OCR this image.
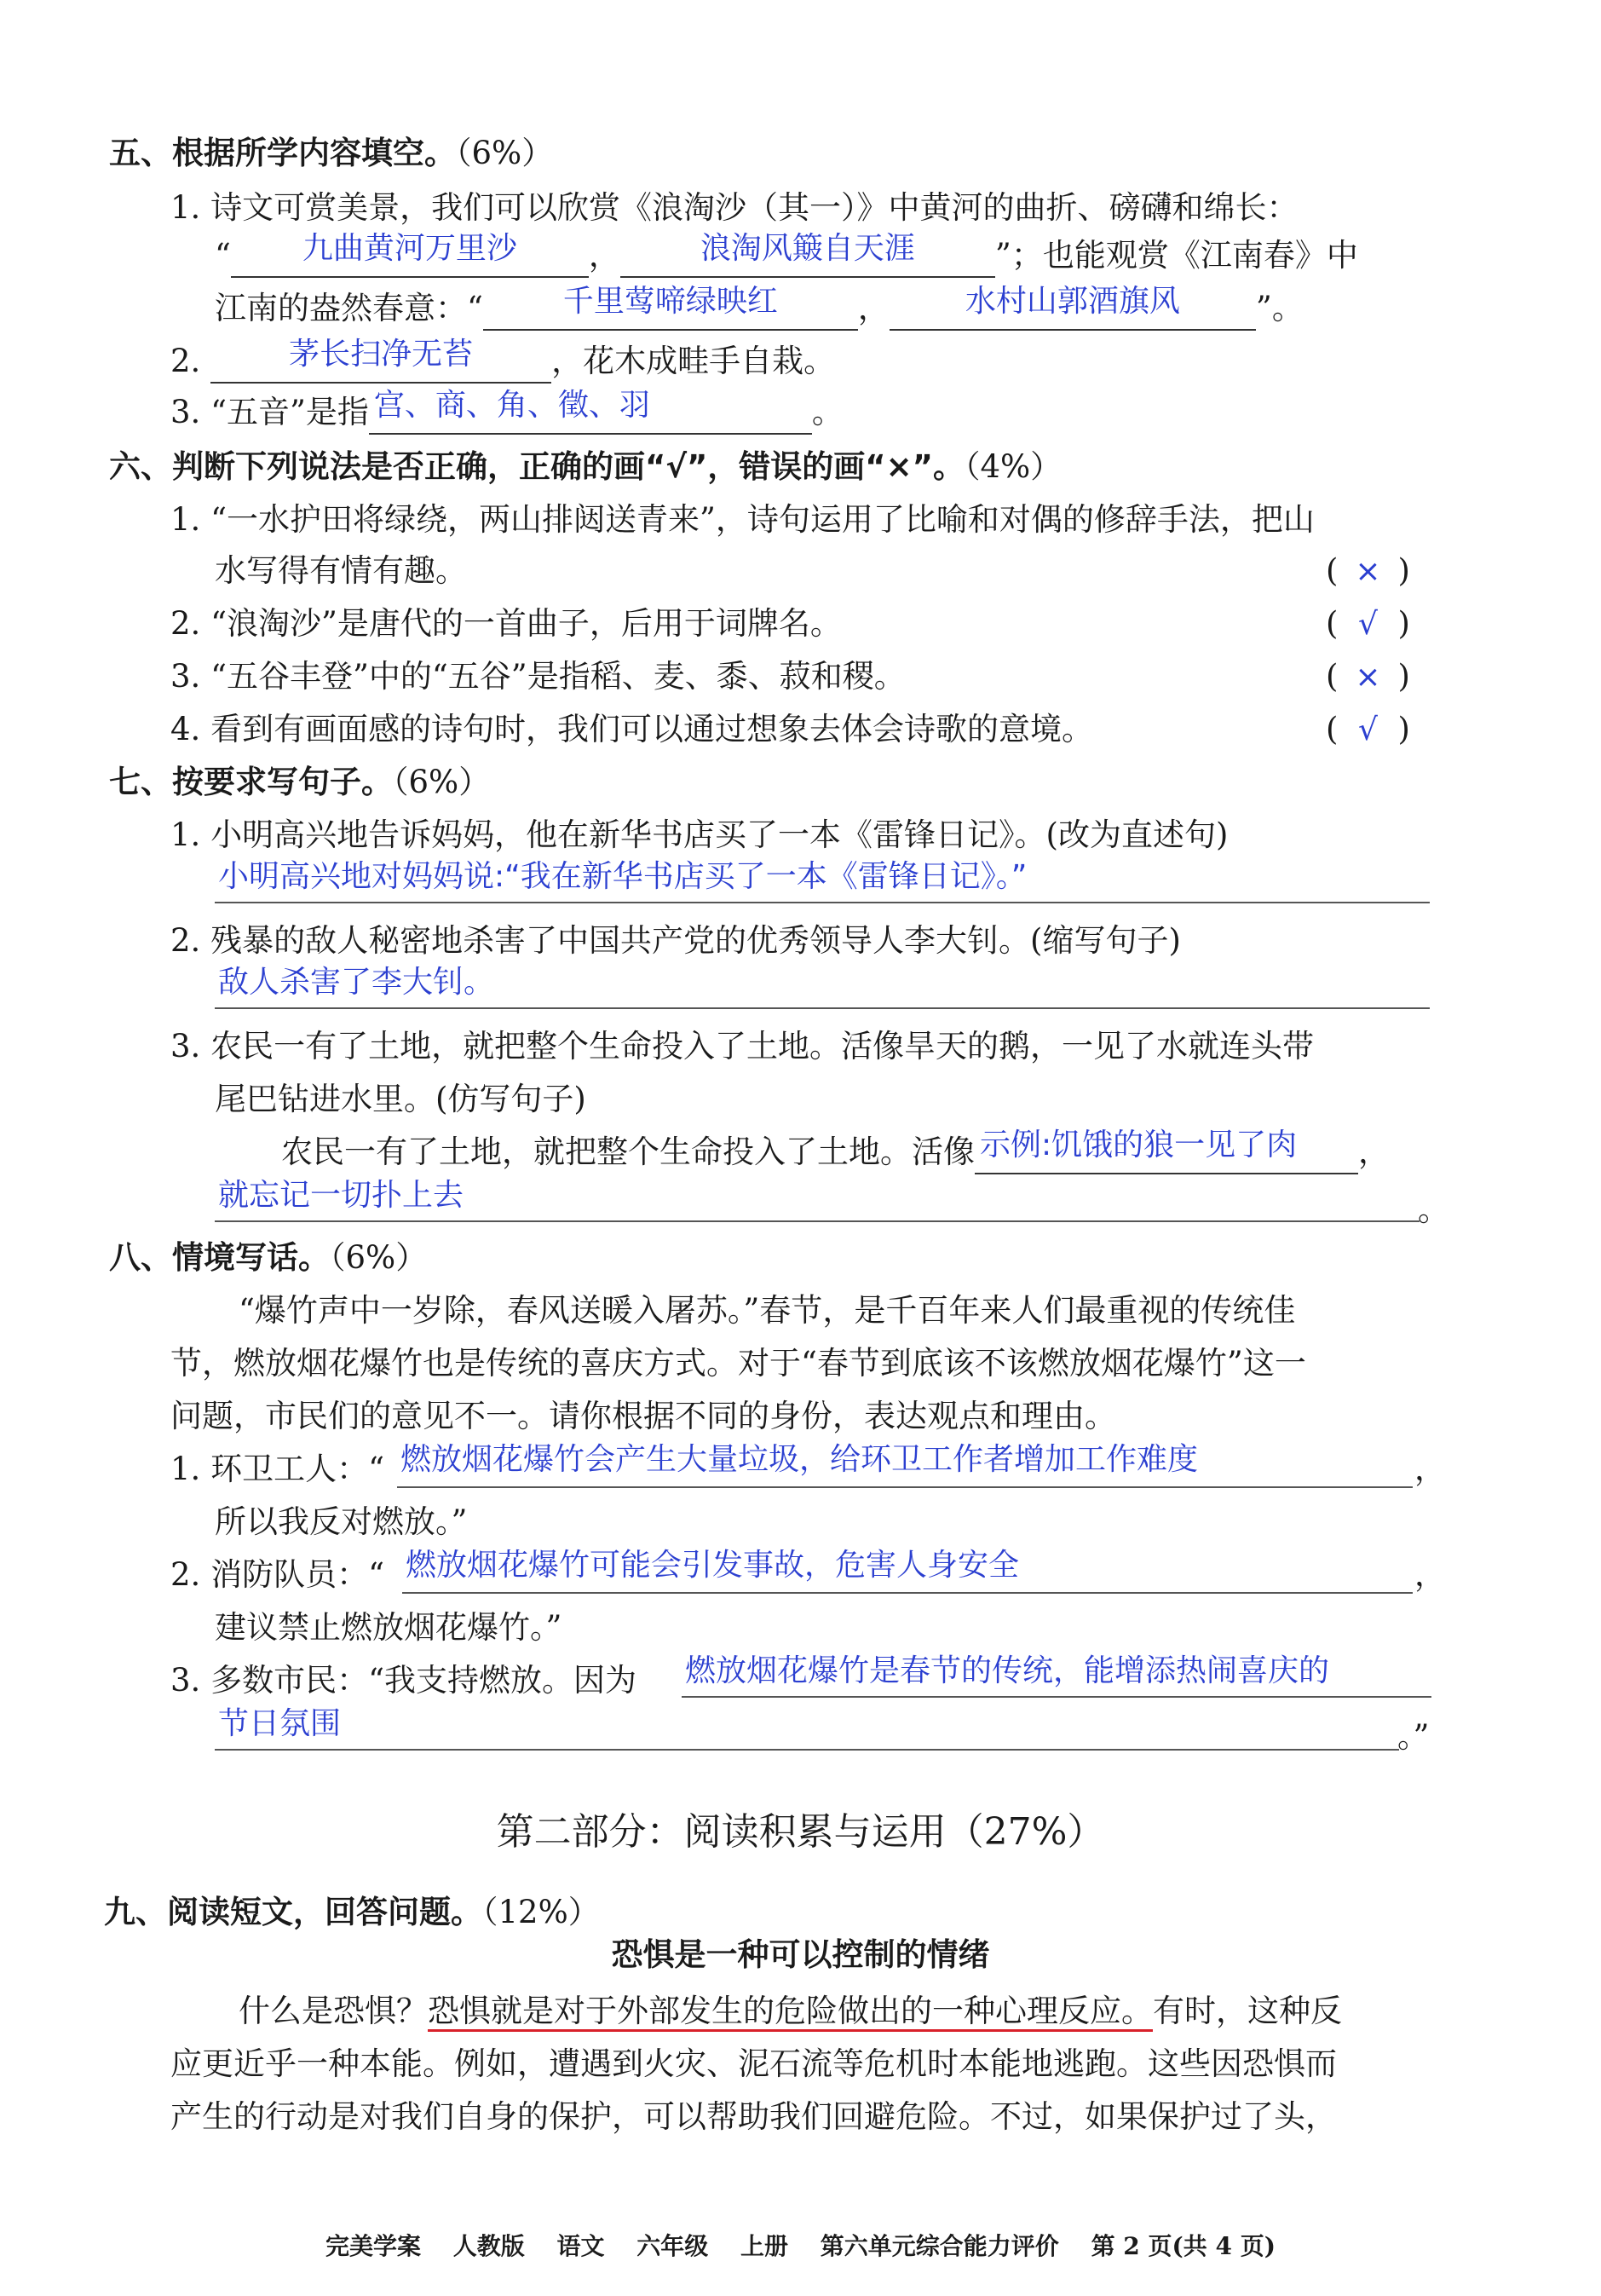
五、根据所学内容填空。（6%）
1. 诗文可赏美景，我们可以欣赏《浪淘沙（其一）》中黄河的曲折、磅礴和绵长：
“	九曲黄河万里沙	，	浪淘风簸自天涯	”；也能观赏《江南春》中
江南的盎然春意：“	千里莺啼绿映红	，	水村山郭酒旗风	”。
2.	茅长扫净无苔	，花木成畦手自栽。
3. “五音”是指 宫、商、角、徵、羽	。
六、判断下列说法是否正确，正确的画“√”，错误的画“×”。（4%）
1. “一水护田将绿绕，两山排闼送青来”，诗句运用了比喻和对偶的修辞手法，把山
水写得有情有趣。	( × )
2. “浪淘沙”是唐代的一首曲子，后用于词牌名。	( √ )
3. “五谷丰登”中的“五谷”是指稻、麦、黍、菽和稷。	( × )
4. 看到有画面感的诗句时，我们可以通过想象去体会诗歌的意境。	( √ )
七、按要求写句子。（6%）
1. 小明高兴地告诉妈妈，他在新华书店买了一本《雷锋日记》。(改为直述句)
小明高兴地对妈妈说:“我在新华书店买了一本《雷锋日记》。”
2. 残暴的敌人秘密地杀害了中国共产党的优秀领导人李大钊。(缩写句子)
敌人杀害了李大钊。
3. 农民一有了土地，就把整个生命投入了土地。活像旱天的鹅，一见了水就连头带
尾巴钻进水里。(仿写句子)
农民一有了土地，就把整个生命投入了土地。活像 示例:饥饿的狼一见了肉	，
就忘记一切扑上去	。
八、情境写话。（6%）
“爆竹声中一岁除，春风送暖入屠苏。”春节，是千百年来人们最重视的传统佳
节，燃放烟花爆竹也是传统的喜庆方式。对于“春节到底该不该燃放烟花爆竹”这一
问题，市民们的意见不一。请你根据不同的身份，表达观点和理由。
1. 环卫工人：“ 燃放烟花爆竹会产生大量垃圾，给环卫工作者增加工作难度	，
所以我反对燃放。”
2. 消防队员：“ 燃放烟花爆竹可能会引发事故，危害人身安全	，
建议禁止燃放烟花爆竹。”
3. 多数市民：“我支持燃放。因为 燃放烟花爆竹是春节的传统，能增添热闹喜庆的
节日氛围	。”
第二部分：阅读积累与运用（27%）
九、阅读短文，回答问题。（12%）
恐惧是一种可以控制的情绪
什么是恐惧？恐惧就是对于外部发生的危险做出的一种心理反应。有时，这种反
应更近乎一种本能。例如，遭遇到火灾、泥石流等危机时本能地逃跑。这些因恐惧而
产生的行动是对我们自身的保护，可以帮助我们回避危险。不过，如果保护过了头，
完美学案 人教版 语文 六年级 上册 第六单元综合能力评价 第 2 页(共 4 页)
